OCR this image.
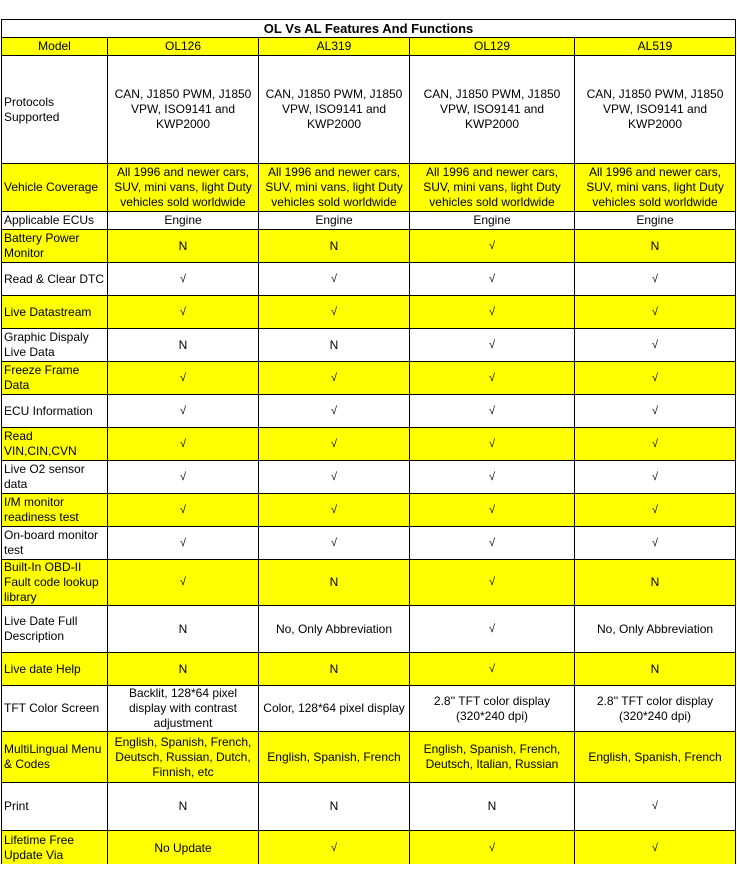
OL Vs AL Features And Functions				
Model	OL126	AL319	OL129	AL519
Protocols Supported	CAN, J1850 PWM, J1850 VPW, ISO9141 and KWP2000	CAN, J1850 PWM, J1850 VPW, ISO9141 and KWP2000	CAN, J1850 PWM, J1850 VPW, ISO9141 and KWP2000	CAN, J1850 PWM, J1850 VPW, ISO9141 and KWP2000

Vehicle Coverage	All 1996 and newer cars, SUV, mini vans, light Duty vehicles sold worldwide	All 1996 and newer cars, SUV, mini vans, light Duty vehicles sold worldwide	All 1996 and newer cars, SUV, mini vans, light Duty vehicles sold worldwide	All 1996 and newer cars, SUV, mini vans, light Duty vehicles sold worldwide

Applicable ECUs	Engine	Engine	Engine	Engine

Battery Power Monitor	N	N	√	N

Read & Clear DTC	√	√	√	√

Live Datastream	√	√	√	√

Graphic Dispaly Live Data	N	N	√	√

Freeze Frame Data	√	√	√	√

ECU Information	√	√	√	√

Read VIN,CIN,CVN	√	√	√	√

Live O2 sensor data	√	√	√	√

I/M monitor readiness test	√	√	√	√

On-board monitor test	√	√	√	√

Built-In OBD-II Fault code lookup library	√	N	√	N

Live Date Full Description	N	No, Only Abbreviation	√	No, Only Abbreviation

Live date Help	N	N	√	N

TFT Color Screen	Backlit, 128*64 pixel display with contrast adjustment	Color, 128*64 pixel display	2.8'' TFT color display (320*240 dpi)	2.8'' TFT color display (320*240 dpi)

MultiLingual Menu & Codes	English, Spanish, French, Deutsch, Russian, Dutch, Finnish, etc	English, Spanish, French	English, Spanish, French, Deutsch, Italian, Russian	English, Spanish, French

Print	N	N	N	√

Lifetime Free Update Via	No Update	√	√	√
